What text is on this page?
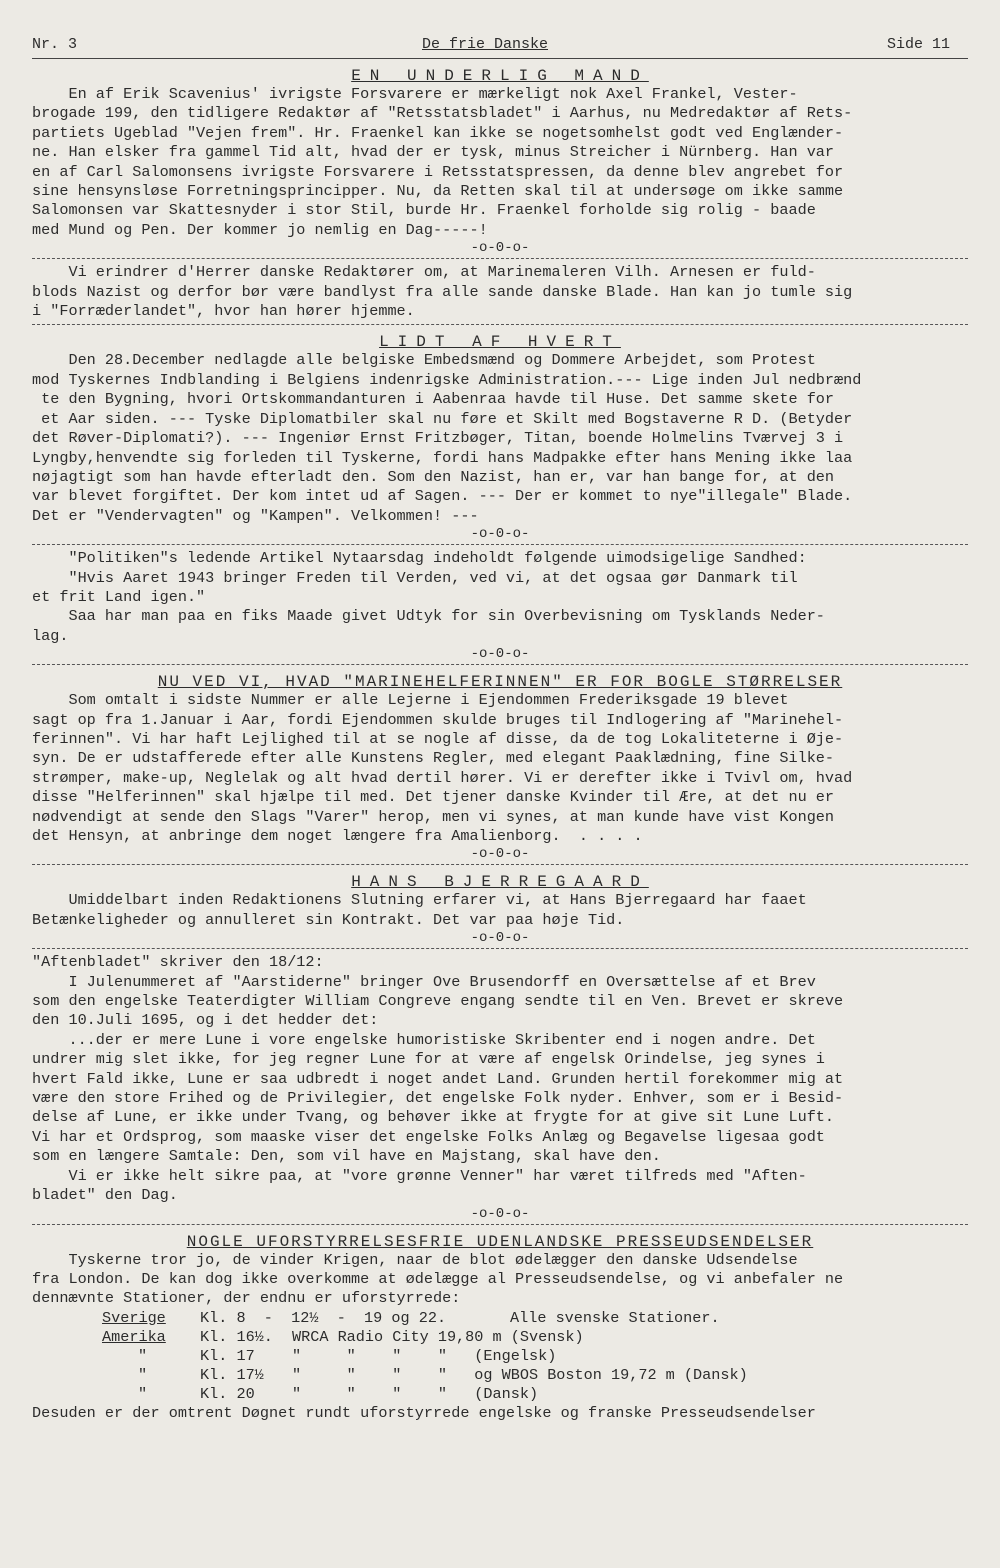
Nr. 3	De frie Danske	Side 11
EN UNDERLIG MAND
En af Erik Scavenius' ivrigste Forsvarere er mærkeligt nok Axel Frankel, Vester-
brogade 199, den tidligere Redaktør af "Retsstatsbladet" i Aarhus, nu Medredaktør af Rets-
partiets Ugeblad "Vejen frem". Hr. Fraenkel kan ikke se nogetsomhelst godt ved Englænder-
ne. Han elsker fra gammel Tid alt, hvad der er tysk, minus Streicher i Nürnberg. Han var
en af Carl Salomonsens ivrigste Forsvarere i Retsstatspressen, da denne blev angrebet for
sine hensynsløse Forretningsprincipper. Nu, da Retten skal til at undersøge om ikke samme
Salomonsen var Skattesnyder i stor Stil, burde Hr. Fraenkel forholde sig rolig - baade
med Mund og Pen. Der kommer jo nemlig en Dag-----!
-o-0-o-
Vi erindrer d'Herrer danske Redaktører om, at Marinemaleren Vilh. Arnesen er fuld-
blods Nazist og derfor bør være bandlyst fra alle sande danske Blade. Han kan jo tumle sig
i "Forræderlandet", hvor han hører hjemme.
LIDT AF HVERT
Den 28.December nedlagde alle belgiske Embedsmænd og Dommere Arbejdet, som Protest
mod Tyskernes Indblanding i Belgiens indenrigske Administration.--- Lige inden Jul nedbrænd
te den Bygning, hvori Ortskommandanturen i Aabenraa havde til Huse. Det samme skete for
et Aar siden. --- Tyske Diplomatbiler skal nu føre et Skilt med Bogstaverne R D. (Betyder
det Røver-Diplomati?). --- Ingeniør Ernst Fritzbøger, Titan, boende Holmelins Tværvej 3 i
Lyngby,henvendte sig forleden til Tyskerne, fordi hans Madpakke efter hans Mening ikke laa
nøjagtigt som han havde efterladt den. Som den Nazist, han er, var han bange for, at den
var blevet forgiftet. Der kom intet ud af Sagen. --- Der er kommet to nye"illegale" Blade.
Det er "Vendervagten" og "Kampen". Velkommen! ---
-o-0-o-
"Politiken"s ledende Artikel Nytaarsdag indeholdt følgende uimodsigelige Sandhed:
"Hvis Aaret 1943 bringer Freden til Verden, ved vi, at det ogsaa gør Danmark til
et frit Land igen."
Saa har man paa en fiks Maade givet Udtyk for sin Overbevisning om Tysklands Neder-
lag.
-o-0-o-
NU VED VI, HVAD "MARINEHELFERINNEN" ER FOR BOGLE STØRRELSER
Som omtalt i sidste Nummer er alle Lejerne i Ejendommen Frederiksgade 19 blevet
sagt op fra 1.Januar i Aar, fordi Ejendommen skulde bruges til Indlogering af "Marinehel-
ferinnen". Vi har haft Lejlighed til at se nogle af disse, da de tog Lokaliteterne i Øje-
syn. De er udstafferede efter alle Kunstens Regler, med elegant Paaklædning, fine Silke-
strømper, make-up, Neglelak og alt hvad dertil hører. Vi er derefter ikke i Tvivl om, hvad
disse "Helferinnen" skal hjælpe til med. Det tjener danske Kvinder til Ære, at det nu er
nødvendigt at sende den Slags "Varer" herop, men vi synes, at man kunde have vist Kongen
det Hensyn, at anbringe dem noget længere fra Amalienborg.  . . . .
-o-0-o-
HANS BJERREGAARD
Umiddelbart inden Redaktionens Slutning erfarer vi, at Hans Bjerregaard har faaet
Betænkeligheder og annulleret sin Kontrakt. Det var paa høje Tid.
-o-0-o-
"Aftenbladet" skriver den 18/12:
I Julenummeret af "Aarstiderne" bringer Ove Brusendorff en Oversættelse af et Brev
som den engelske Teaterdigter William Congreve engang sendte til en Ven. Brevet er skreve
den 10.Juli 1695, og i det hedder det:
...der er mere Lune i vore engelske humoristiske Skribenter end i nogen andre. Det
undrer mig slet ikke, for jeg regner Lune for at være af engelsk Orindelse, jeg synes i
hvert Fald ikke, Lune er saa udbredt i noget andet Land. Grunden hertil forekommer mig at
være den store Frihed og de Privilegier, det engelske Folk nyder. Enhver, som er i Besid-
delse af Lune, er ikke under Tvang, og behøver ikke at frygte for at give sit Lune Luft.
Vi har et Ordsprog, som maaske viser det engelske Folks Anlæg og Begavelse ligesaa godt
som en længere Samtale: Den, som vil have en Majstang, skal have den.
Vi er ikke helt sikre paa, at "vore grønne Venner" har været tilfreds med "Aften-
bladet" den Dag.
-o-0-o-
NOGLE UFORSTYRRELSESFRIE UDENLANDSKE PRESSEUDSENDELSER
Tyskerne tror jo, de vinder Krigen, naar de blot ødelægger den danske Udsendelse
fra London. De kan dog ikke overkomme at ødelægge al Presseudsendelse, og vi anbefaler ne
dennævnte Stationer, der endnu er uforstyrrede:
Sverige Kl. 8  -  12½  -  19 og 22.	Alle svenske Stationer.
Amerika Kl. 16½. WRCA Radio City 19,80 m (Svensk)
"	Kl. 17 "     "    "    "   (Engelsk)
"	Kl. 17½ "     "    "    "   og WBOS Boston 19,72 m (Dansk)
"	Kl. 20 "     "    "    "   (Dansk)
Desuden er der omtrent Døgnet rundt uforstyrrede engelske og franske Presseudsendelser
